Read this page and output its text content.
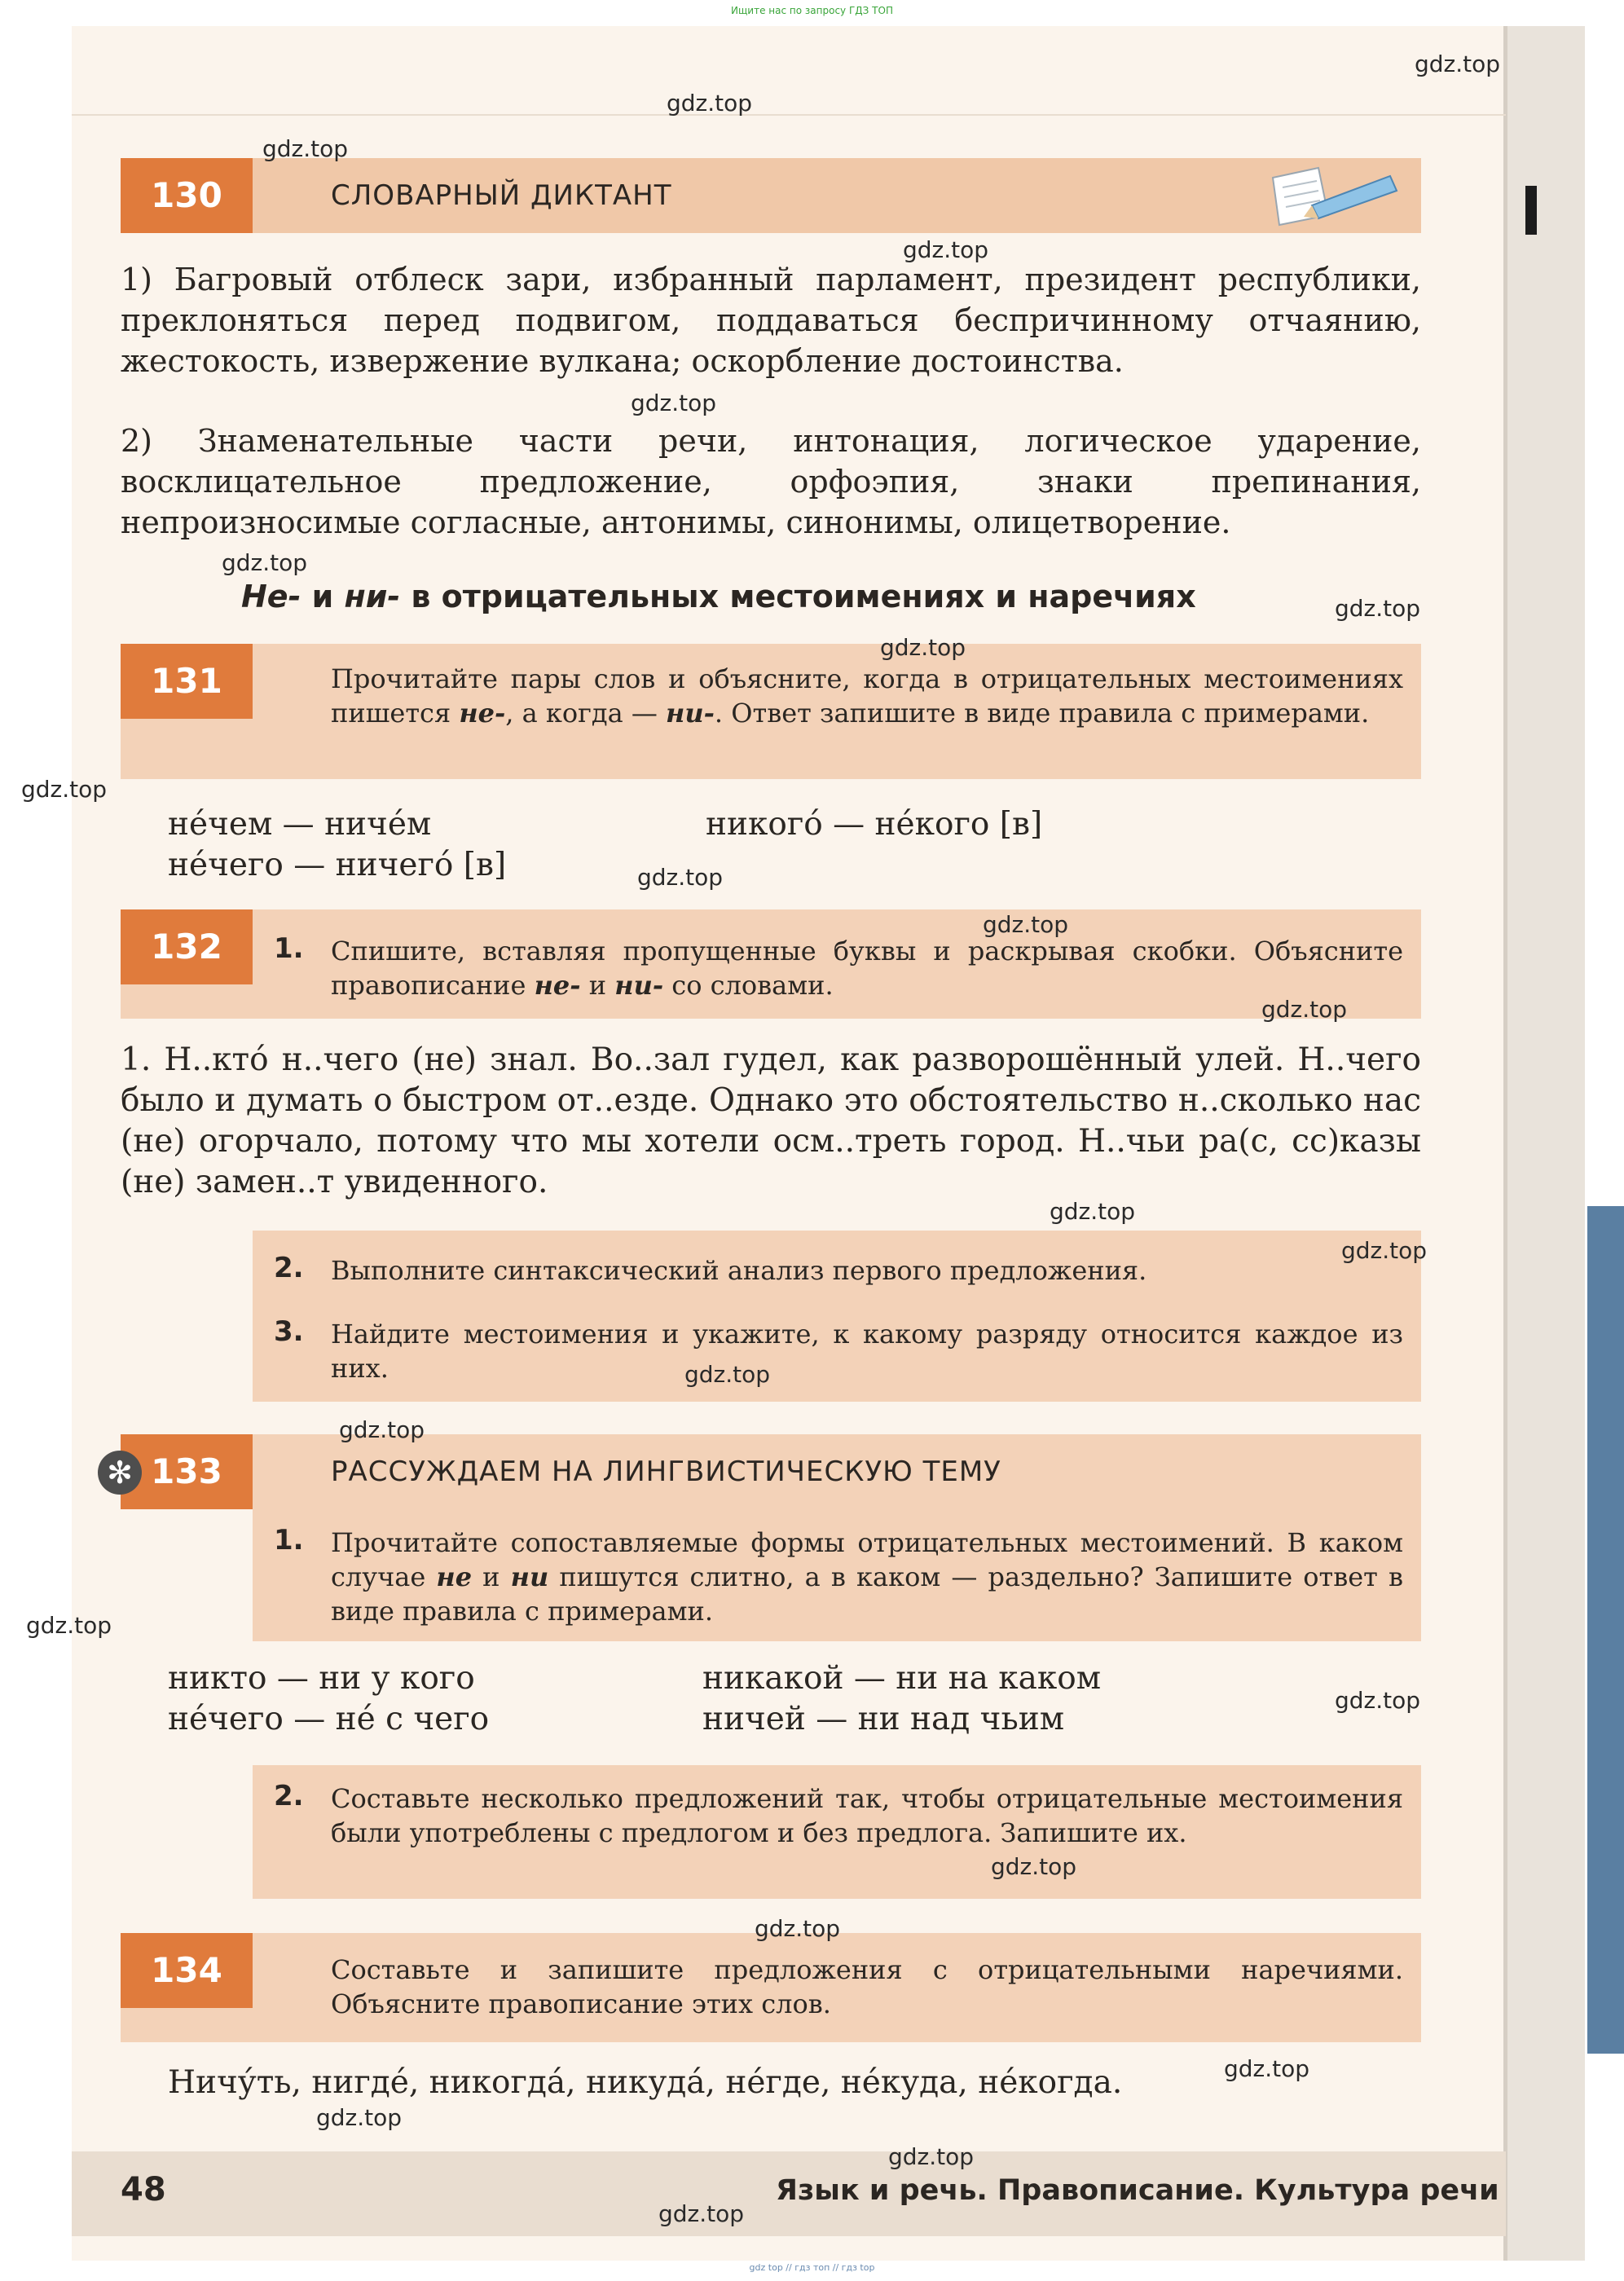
Ищите нас по запросу ГДЗ ТОП
130	СЛОВАРНЫЙ ДИКТАНТ
1) Багровый отблеск зари, избранный парламент, президент республики, преклоняться перед подвигом, поддаваться беспричинному отчаянию, жестокость, извержение вулкана; оскорбление достоинства.
2) Знаменательные части речи, интонация, логическое ударение, восклицательное предложение, орфоэпия, знаки препинания, непроизносимые согласные, антонимы, синонимы, олицетворение.
Не- и ни- в отрицательных местоимениях и наречиях
131	Прочитайте пары слов и объясните, когда в отрицательных местоимениях пишется не-, а когда — ни-. Ответ запишите в виде правила с примерами.
не́чем — ниче́м	никого́ — не́кого [в]
не́чего — ничего́ [в]
132	1. Спишите, вставляя пропущенные буквы и раскрывая скобки. Объясните правописание не- и ни- со словами.
1. Н..кто́ н..чего (не) знал. Во..зал гудел, как разворошённый улей. Н..чего было и думать о быстром от..езде. Однако это обстоятельство н..сколько нас (не) огорчало, потому что мы хотели осм..треть город. Н..чьи ра(с, сс)казы (не) замен..т увиденного.
2. Выполните синтаксический анализ первого предложения.
3. Найдите местоимения и укажите, к какому разряду относится каждое из них.
133
✻	РАССУЖДАЕМ НА ЛИНГВИСТИЧЕСКУЮ ТЕМУ
1. Прочитайте сопоставляемые формы отрицательных местоимений. В каком случае не и ни пишутся слитно, а в каком — раздельно? Запишите ответ в виде правила с примерами.
никто — ни у кого	никакой — ни на каком
не́чего — не́ с чего	ничей — ни над чьим
2. Составьте несколько предложений так, чтобы отрицательные местоимения были употреблены с предлогом и без предлога. Запишите их.
134	Составьте и запишите предложения с отрицательными наречиями. Объясните правописание этих слов.
Ничу́ть, нигде́, никогда́, никуда́, не́где, не́куда, не́когда.
48	Язык и речь. Правописание. Культура речи
gdz.top
gdz.top
gdz.top
gdz.top
gdz.top
gdz.top
gdz.top
gdz.top
gdz.top
gdz.top
gdz.top
gdz.top
gdz.top
gdz.top
gdz.top
gdz.top
gdz.top
gdz.top
gdz.top
gdz.top
gdz.top
gdz.top
gdz.top
gdz.top
gdz top // гдз топ // гдз top
